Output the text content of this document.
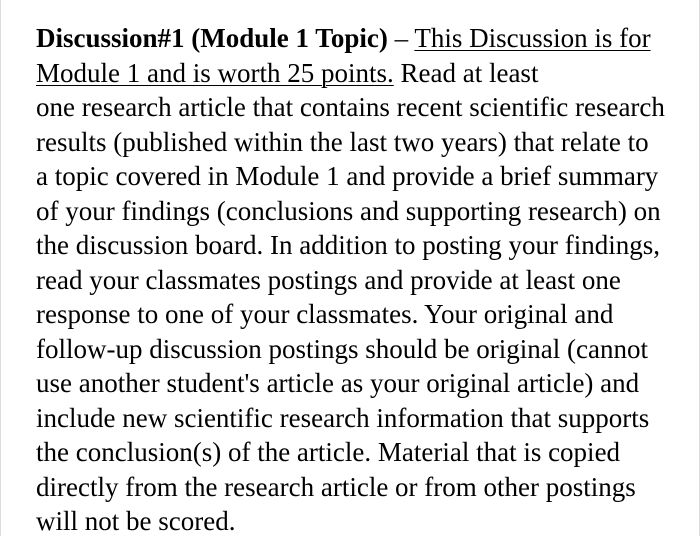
Discussion#1 (Module 1 Topic) – This Discussion is for
Module 1 and is worth 25 points. Read at least
one research article that contains recent scientific research
results (published within the last two years) that relate to
a topic covered in Module 1 and provide a brief summary
of your findings (conclusions and supporting research) on
the discussion board. In addition to posting your findings,
read your classmates postings and provide at least one
response to one of your classmates. Your original and
follow-up discussion postings should be original (cannot
use another student's article as your original article) and
include new scientific research information that supports
the conclusion(s) of the article. Material that is copied
directly from the research article or from other postings
will not be scored.
